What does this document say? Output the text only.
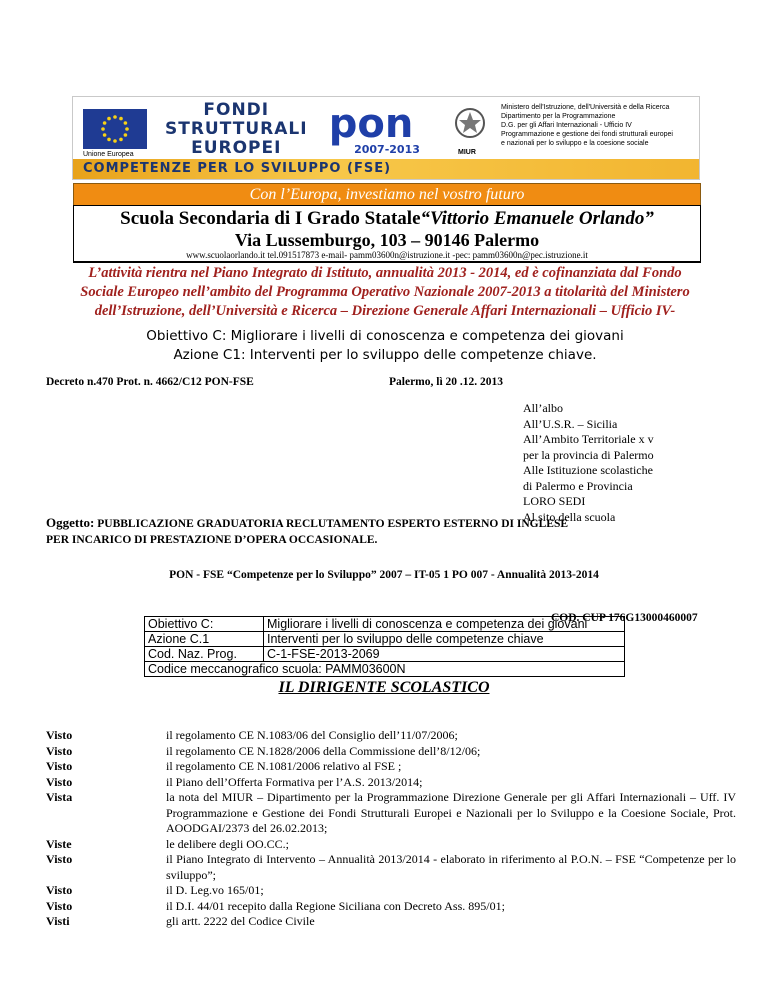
Unione Europea
FONDI
STRUTTURALI
EUROPEI
pon
2007-2013	MIUR
Ministero dell'Istruzione, dell'Università e della Ricerca
Dipartimento per la Programmazione
D.G. per gli Affari Internazionali - Ufficio IV
Programmazione e gestione dei fondi strutturali europei
e nazionali per lo sviluppo e la coesione sociale
COMPETENZE PER LO SVILUPPO (FSE)
Con l’Europa, investiamo nel vostro futuro
Scuola Secondaria di I Grado Statale“Vittorio Emanuele Orlando”
Via Lussemburgo, 103 – 90146 Palermo
www.scuolaorlando.it tel.091517873 e-mail- pamm03600n@istruzione.it -pec: pamm03600n@pec.istruzione.it
L’attività rientra nel Piano Integrato di Istituto, annualità 2013 - 2014, ed è cofinanziata dal Fondo
Sociale Europeo nell’ambito del Programma Operativo Nazionale 2007-2013 a titolarità del Ministero
dell’Istruzione, dell’Università e Ricerca – Direzione Generale Affari Internazionali – Ufficio IV-
Obiettivo C: Migliorare i livelli di conoscenza e competenza dei giovani
Azione C1: Interventi per lo sviluppo delle competenze chiave.
Decreto n.470 Prot. n. 4662/C12 PON-FSE	Palermo, lì 20 .12. 2013
All’albo
All’U.S.R. – Sicilia
All’Ambito Territoriale x v
per la provincia di Palermo
Alle Istituzione scolastiche
di Palermo e Provincia
LORO SEDI
Al sito della scuola
Oggetto: PUBBLICAZIONE GRADUATORIA RECLUTAMENTO ESPERTO ESTERNO DI INGLESE
PER INCARICO DI PRESTAZIONE D’OPERA OCCASIONALE.
PON - FSE “Competenze per lo Sviluppo” 2007 – IT-05 1 PO 007 - Annualità 2013-2014
COD. CUP 176G13000460007
Obiettivo C:	Migliorare i livelli di conoscenza e competenza dei giovani
Azione C.1	Interventi per lo sviluppo delle competenze chiave
Cod. Naz. Prog.	C-1-FSE-2013-2069
Codice meccanografico scuola: PAMM03600N	
IL DIRIGENTE SCOLASTICO
Visto	il regolamento CE N.1083/06 del Consiglio dell’11/07/2006;
Visto	il regolamento CE N.1828/2006 della Commissione dell’8/12/06;
Visto	il regolamento CE N.1081/2006 relativo al FSE ;
Visto	il Piano dell’Offerta Formativa per l’A.S. 2013/2014;
Vista	la nota del MIUR – Dipartimento per la Programmazione Direzione Generale per gli Affari Internazionali – Uff. IV Programmazione e Gestione dei Fondi Strutturali Europei e Nazionali per lo Sviluppo e la Coesione Sociale, Prot. AOODGAI/2373 del 26.02.2013;
Viste	le delibere degli OO.CC.;
Visto	il Piano Integrato di Intervento – Annualità 2013/2014 - elaborato in riferimento al P.O.N. – FSE “Competenze per lo sviluppo”;
Visto	il D. Leg.vo 165/01;
Visto	il D.I. 44/01 recepito dalla Regione Siciliana con Decreto Ass. 895/01;
Visti	gli artt. 2222 del Codice Civile
